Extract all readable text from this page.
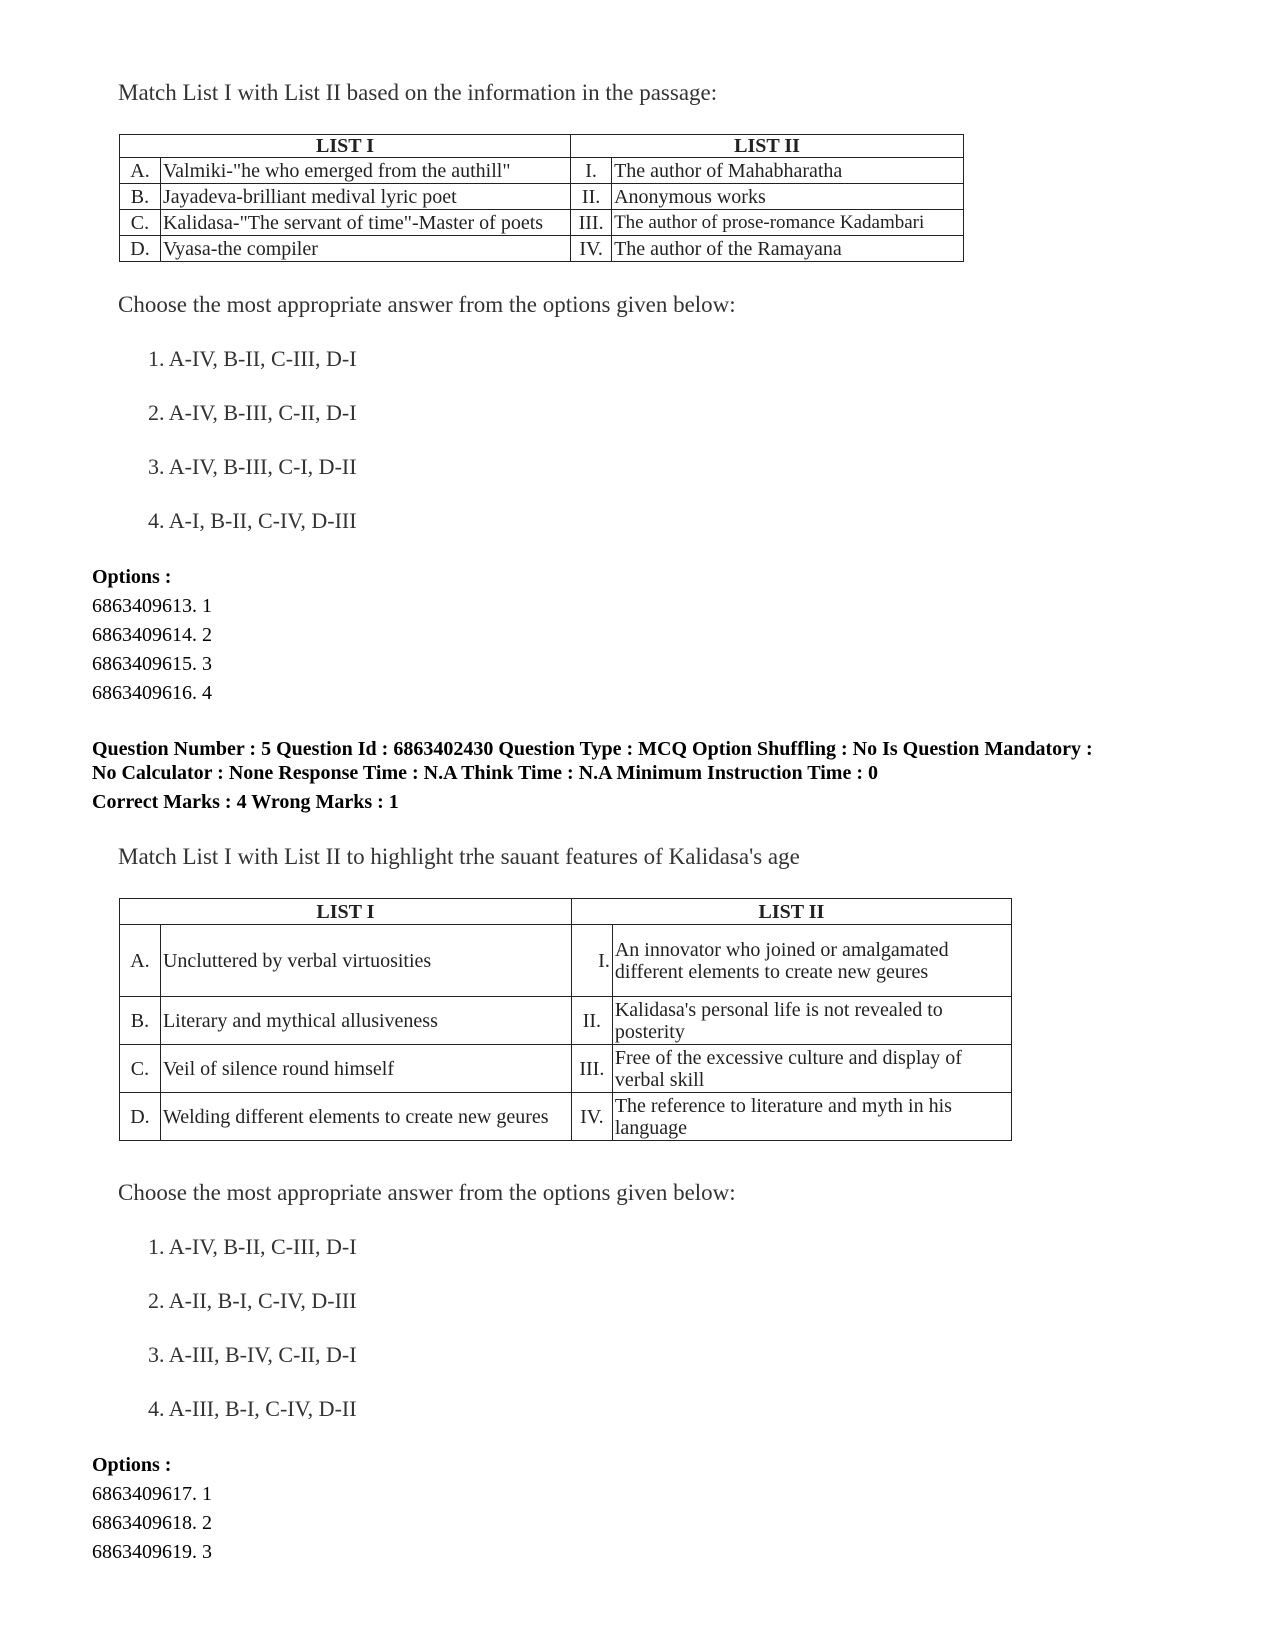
Match List I with List II based on the information in the passage:
LIST I		LIST II	
A.	Valmiki-"he who emerged from the authill"	I.	The author of Mahabharatha
B.	Jayadeva-brilliant medival lyric poet	II.	Anonymous works
C.	Kalidasa-"The servant of time"-Master of poets	III.	The author of prose-romance Kadambari
D.	Vyasa-the compiler	IV.	The author of the Ramayana
Choose the most appropriate answer from the options given below:
1. A-IV, B-II, C-III, D-I
2. A-IV, B-III, C-II, D-I
3. A-IV, B-III, C-I, D-II
4. A-I, B-II, C-IV, D-III
Options :
6863409613. 1
6863409614. 2
6863409615. 3
6863409616. 4
Question Number : 5 Question Id : 6863402430 Question Type : MCQ Option Shuffling : No Is Question Mandatory :
No Calculator : None Response Time : N.A Think Time : N.A Minimum Instruction Time : 0
Correct Marks : 4 Wrong Marks : 1
Match List I with List II to highlight trhe sauant features of Kalidasa's age
LIST I		LIST II	
A.	Uncluttered by verbal virtuosities	I.	An innovator who joined or amalgamated different elements to create new geures
B.	Literary and mythical allusiveness	II.	Kalidasa's personal life is not revealed to posterity
C.	Veil of silence round himself	III.	Free of the excessive culture and display of verbal skill
D.	Welding different elements to create new geures	IV.	The reference to literature and myth in his language
Choose the most appropriate answer from the options given below:
1. A-IV, B-II, C-III, D-I
2. A-II, B-I, C-IV, D-III
3. A-III, B-IV, C-II, D-I
4. A-III, B-I, C-IV, D-II
Options :
6863409617. 1
6863409618. 2
6863409619. 3
